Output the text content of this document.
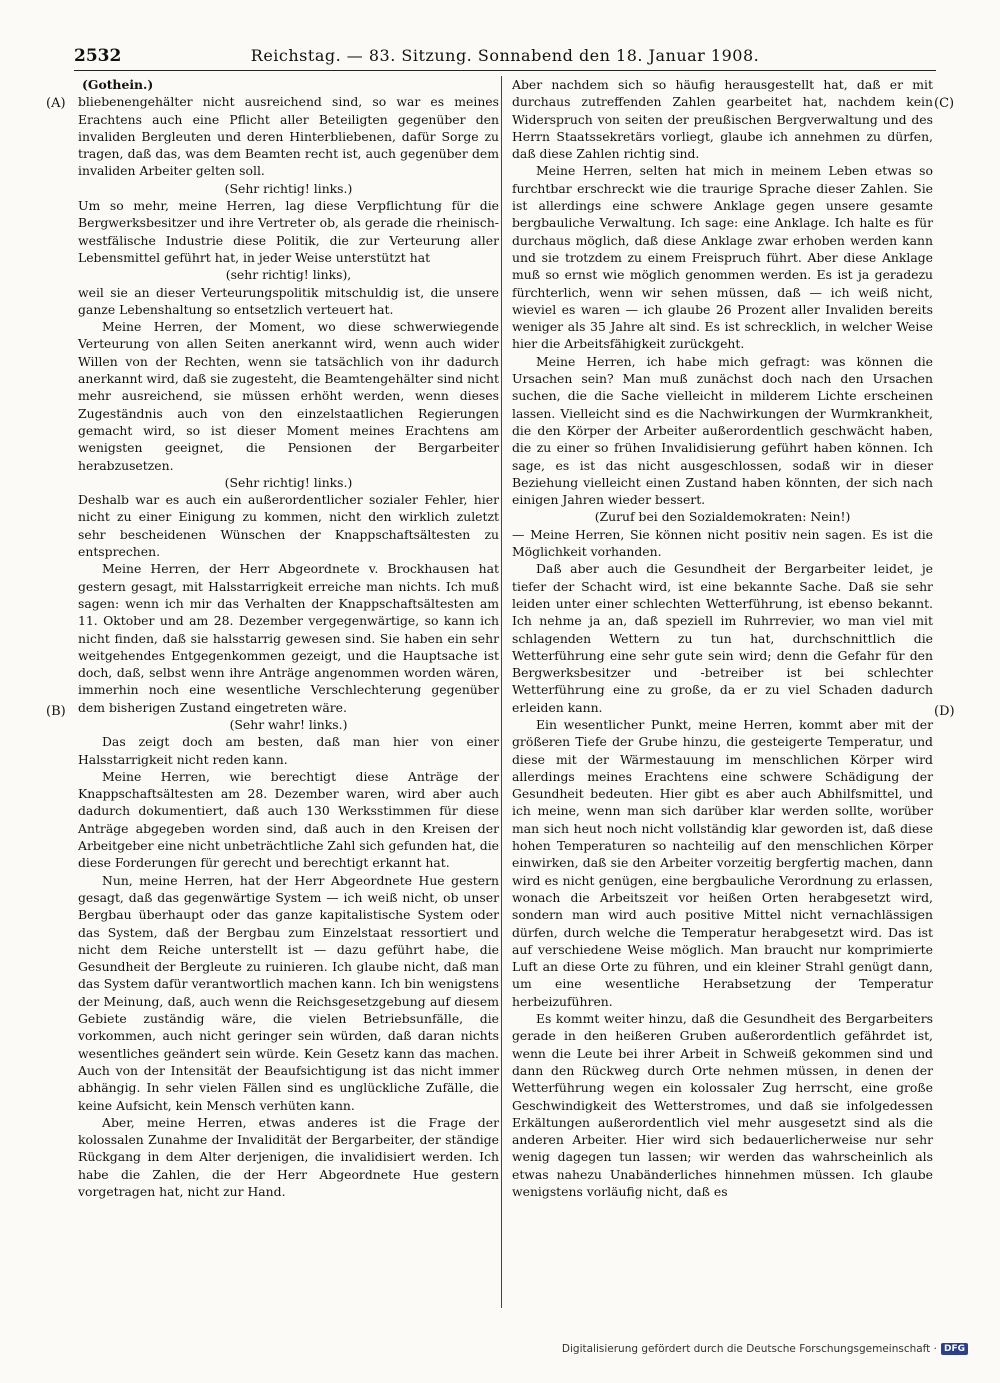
2532	Reichstag. — 83. Sitzung. Sonnabend den 18. Januar 1908.
(A)
(B)
(C)
(D)
(Gothein.)

bliebenengehälter nicht ausreichend sind, so war es meines Erachtens auch eine Pflicht aller Beteiligten gegenüber den invaliden Bergleuten und deren Hinterbliebenen, dafür Sorge zu tragen, daß das, was dem Beamten recht ist, auch gegenüber dem invaliden Arbeiter gelten soll.

(Sehr richtig! links.)

Um so mehr, meine Herren, lag diese Verpflichtung für die Bergwerksbesitzer und ihre Vertreter ob, als gerade die rheinisch-westfälische Industrie diese Politik, die zur Verteurung aller Lebensmittel geführt hat, in jeder Weise unterstützt hat

(sehr richtig! links),

weil sie an dieser Verteurungspolitik mitschuldig ist, die unsere ganze Lebenshaltung so entsetzlich verteuert hat.

Meine Herren, der Moment, wo diese schwerwiegende Verteurung von allen Seiten anerkannt wird, wenn auch wider Willen von der Rechten, wenn sie tatsächlich von ihr dadurch anerkannt wird, daß sie zugesteht, die Beamtengehälter sind nicht mehr ausreichend, sie müssen erhöht werden, wenn dieses Zugeständnis auch von den einzelstaatlichen Regierungen gemacht wird, so ist dieser Moment meines Erachtens am wenigsten geeignet, die Pensionen der Bergarbeiter herabzusetzen.

(Sehr richtig! links.)

Deshalb war es auch ein außerordentlicher sozialer Fehler, hier nicht zu einer Einigung zu kommen, nicht den wirklich zuletzt sehr bescheidenen Wünschen der Knappschaftsältesten zu entsprechen.

Meine Herren, der Herr Abgeordnete v. Brockhausen hat gestern gesagt, mit Halsstarrigkeit erreiche man nichts. Ich muß sagen: wenn ich mir das Verhalten der Knappschaftsältesten am 11. Oktober und am 28. Dezember vergegenwärtige, so kann ich nicht finden, daß sie halsstarrig gewesen sind. Sie haben ein sehr weitgehendes Entgegenkommen gezeigt, und die Hauptsache ist doch, daß, selbst wenn ihre Anträge angenommen worden wären, immerhin noch eine wesentliche Verschlechterung gegenüber dem bisherigen Zustand eingetreten wäre.

(Sehr wahr! links.)

Das zeigt doch am besten, daß man hier von einer Halsstarrigkeit nicht reden kann.

Meine Herren, wie berechtigt diese Anträge der Knappschaftsältesten am 28. Dezember waren, wird aber auch dadurch dokumentiert, daß auch 130 Werksstimmen für diese Anträge abgegeben worden sind, daß auch in den Kreisen der Arbeitgeber eine nicht unbeträchtliche Zahl sich gefunden hat, die diese Forderungen für gerecht und berechtigt erkannt hat.

Nun, meine Herren, hat der Herr Abgeordnete Hue gestern gesagt, daß das gegenwärtige System — ich weiß nicht, ob unser Bergbau überhaupt oder das ganze kapitalistische System oder das System, daß der Bergbau zum Einzelstaat ressortiert und nicht dem Reiche unterstellt ist — dazu geführt habe, die Gesundheit der Bergleute zu ruinieren. Ich glaube nicht, daß man das System dafür verantwortlich machen kann. Ich bin wenigstens der Meinung, daß, auch wenn die Reichsgesetzgebung auf diesem Gebiete zuständig wäre, die vielen Betriebsunfälle, die vorkommen, auch nicht geringer sein würden, daß daran nichts wesentliches geändert sein würde. Kein Gesetz kann das machen. Auch von der Intensität der Beaufsichtigung ist das nicht immer abhängig. In sehr vielen Fällen sind es unglückliche Zufälle, die keine Aufsicht, kein Mensch verhüten kann.

Aber, meine Herren, etwas anderes ist die Frage der kolossalen Zunahme der Invalidität der Bergarbeiter, der ständige Rückgang in dem Alter derjenigen, die invalidisiert werden. Ich habe die Zahlen, die der Herr Abgeordnete Hue gestern vorgetragen hat, nicht zur Hand.

Aber nachdem sich so häufig herausgestellt hat, daß er mit durchaus zutreffenden Zahlen gearbeitet hat, nachdem kein Widerspruch von seiten der preußischen Bergverwaltung und des Herrn Staatssekretärs vorliegt, glaube ich annehmen zu dürfen, daß diese Zahlen richtig sind.

Meine Herren, selten hat mich in meinem Leben etwas so furchtbar erschreckt wie die traurige Sprache dieser Zahlen. Sie ist allerdings eine schwere Anklage gegen unsere gesamte bergbauliche Verwaltung. Ich sage: eine Anklage. Ich halte es für durchaus möglich, daß diese Anklage zwar erhoben werden kann und sie trotzdem zu einem Freispruch führt. Aber diese Anklage muß so ernst wie möglich genommen werden. Es ist ja geradezu fürchterlich, wenn wir sehen müssen, daß — ich weiß nicht, wieviel es waren — ich glaube 26 Prozent aller Invaliden bereits weniger als 35 Jahre alt sind. Es ist schrecklich, in welcher Weise hier die Arbeitsfähigkeit zurückgeht.

Meine Herren, ich habe mich gefragt: was können die Ursachen sein? Man muß zunächst doch nach den Ursachen suchen, die die Sache vielleicht in milderem Lichte erscheinen lassen. Vielleicht sind es die Nachwirkungen der Wurmkrankheit, die den Körper der Arbeiter außerordentlich geschwächt haben, die zu einer so frühen Invalidisierung geführt haben können. Ich sage, es ist das nicht ausgeschlossen, sodaß wir in dieser Beziehung vielleicht einen Zustand haben könnten, der sich nach einigen Jahren wieder bessert.

(Zuruf bei den Sozialdemokraten: Nein!)

— Meine Herren, Sie können nicht positiv nein sagen. Es ist die Möglichkeit vorhanden.

Daß aber auch die Gesundheit der Bergarbeiter leidet, je tiefer der Schacht wird, ist eine bekannte Sache. Daß sie sehr leiden unter einer schlechten Wetterführung, ist ebenso bekannt. Ich nehme ja an, daß speziell im Ruhrrevier, wo man viel mit schlagenden Wettern zu tun hat, durchschnittlich die Wetterführung eine sehr gute sein wird; denn die Gefahr für den Bergwerksbesitzer und -betreiber ist bei schlechter Wetterführung eine zu große, da er zu viel Schaden dadurch erleiden kann.

Ein wesentlicher Punkt, meine Herren, kommt aber mit der größeren Tiefe der Grube hinzu, die gesteigerte Temperatur, und diese mit der Wärmestauung im menschlichen Körper wird allerdings meines Erachtens eine schwere Schädigung der Gesundheit bedeuten. Hier gibt es aber auch Abhilfsmittel, und ich meine, wenn man sich darüber klar werden sollte, worüber man sich heut noch nicht vollständig klar geworden ist, daß diese hohen Temperaturen so nachteilig auf den menschlichen Körper einwirken, daß sie den Arbeiter vorzeitig bergfertig machen, dann wird es nicht genügen, eine bergbauliche Verordnung zu erlassen, wonach die Arbeitszeit vor heißen Orten herabgesetzt wird, sondern man wird auch positive Mittel nicht vernachlässigen dürfen, durch welche die Temperatur herabgesetzt wird. Das ist auf verschiedene Weise möglich. Man braucht nur komprimierte Luft an diese Orte zu führen, und ein kleiner Strahl genügt dann, um eine wesentliche Herabsetzung der Temperatur herbeizuführen.

Es kommt weiter hinzu, daß die Gesundheit des Bergarbeiters gerade in den heißeren Gruben außerordentlich gefährdet ist, wenn die Leute bei ihrer Arbeit in Schweiß gekommen sind und dann den Rückweg durch Orte nehmen müssen, in denen der Wetterführung wegen ein kolossaler Zug herrscht, eine große Geschwindigkeit des Wetterstromes, und daß sie infolgedessen Erkältungen außerordentlich viel mehr ausgesetzt sind als die anderen Arbeiter. Hier wird sich bedauerlicherweise nur sehr wenig dagegen tun lassen; wir werden das wahrscheinlich als etwas nahezu Unabänderliches hinnehmen müssen. Ich glaube wenigstens vorläufig nicht, daß es

Digitalisierung gefördert durch die Deutsche Forschungsgemeinschaft · DFG
